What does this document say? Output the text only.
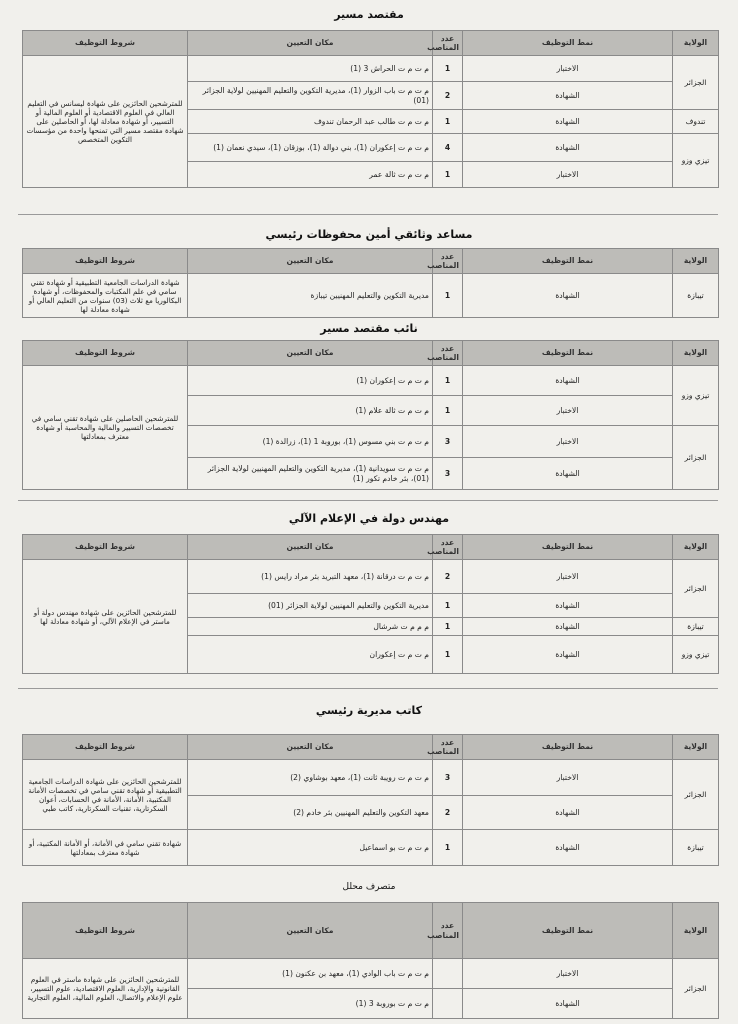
مقتصد مسير
الولاية	نمط التوظيف	عدد المناصب	مكان التعيين	شروط التوظيف
الجزائر	الاختبار	1	م ت م ت الحراش 3 (1)	للمترشحين الحائزين على شهادة ليسانس في التعليم العالي في العلوم الاقتصادية أو العلوم المالية أو التسيير، أو شهادة معادلة لها، أو الحاصلين على شهادة مقتصد مسير التي تمنحها واحدة من مؤسسات التكوين المتخصص
	الشهادة	2	م ت م ت باب الزوار (1)، مديرية التكوين والتعليم المهنيين لولاية الجزائر (01)	
تندوف	الشهادة	1	م ت م ت طالب عبد الرحمان تندوف	
تيزي وزو	الشهادة	4	م ت م ت إعكوران (1)، بني دوالة (1)، بوزقان (1)، سيدي نعمان (1)	
	الاختبار	1	م ت م ت ثالة عمر	
مساعد وثائقي أمين محفوظات رئيسي
الولاية	نمط التوظيف	عدد المناصب	مكان التعيين	شروط التوظيف
تيبازة	الشهادة	1	مديرية التكوين والتعليم المهنيين تيبازة	شهادة الدراسات الجامعية التطبيقية أو شهادة تقني سامي في علم المكتبات والمحفوظات، أو شهادة البكالوريا مع ثلاث (03) سنوات من التعليم العالي أو شهادة معادلة لها
نائب مقتصد مسير
الولاية	نمط التوظيف	عدد المناصب	مكان التعيين	شروط التوظيف
تيزي وزو	الشهادة	1	م ت م ت إعكوران (1)	للمترشحين الحاصلين على شهادة تقني سامي في تخصصات التسيير والمالية والمحاسبة أو شهادة معترف بمعادلتها
	الاختبار	1	م ت م ت ثالة علام (1)	
الجزائر	الاختبار	3	م ت م ت بني مسوس (1)، بوروبة 1 (1)، زرالدة (1)	
	الشهادة	3	م ت م ت سويدانية (1)، مديرية التكوين والتعليم المهنيين لولاية الجزائر (01)، بئر خادم تكور (1)	
مهندس دولة في الإعلام الآلي
الولاية	نمط التوظيف	عدد المناصب	مكان التعيين	شروط التوظيف
الجزائر	الاختبار	2	م ت م ت درقانة (1)، معهد التبريد بئر مراد رايس (1)	للمترشحين الحائزين على شهادة مهندس دولة أو ماستر في الإعلام الآلي، أو شهادة معادلة لها
	الشهادة	1	مديرية التكوين والتعليم المهنيين لولاية الجزائر (01)	
تيبازة	الشهادة	1	م م م ت شرشال	
تيزي وزو	الشهادة	1	م ت م ت إعكوران	
كاتب مديرية رئيسي
الولاية	نمط التوظيف	عدد المناصب	مكان التعيين	شروط التوظيف
الجزائر	الاختبار	3	م ت م ت رويبة ثانت (1)، معهد بوشاوي (2)	للمترشحين الحائزين على شهادة الدراسات الجامعية التطبيقية أو شهادة تقني سامي في تخصصات الأمانة المكتبية، الأمانة، الأمانة في الحسابات، أعوان السكرتارية، تقنيات السكرتارية، كاتب طبي
	الشهادة	2	معهد التكوين والتعليم المهنيين بئر خادم (2)	
تيبازة	الشهادة	1	م ت م ت بو اسماعيل	شهادة تقني سامي في الأمانة، أو الأمانة المكتبية، أو شهادة معترف بمعادلتها
متصرف محلل
الولاية	نمط التوظيف	عدد المناصب	مكان التعيين	شروط التوظيف
الجزائر	الاختبار		م ت م ت باب الوادي (1)، معهد بن عكنون (1)	للمترشحين الحائزين على شهادة ماستر في العلوم القانونية والإدارية، العلوم الاقتصادية، علوم التسيير، علوم الإعلام والاتصال، العلوم المالية، العلوم التجارية
	الشهادة		م ت م ت بوروبة 3 (1)	
